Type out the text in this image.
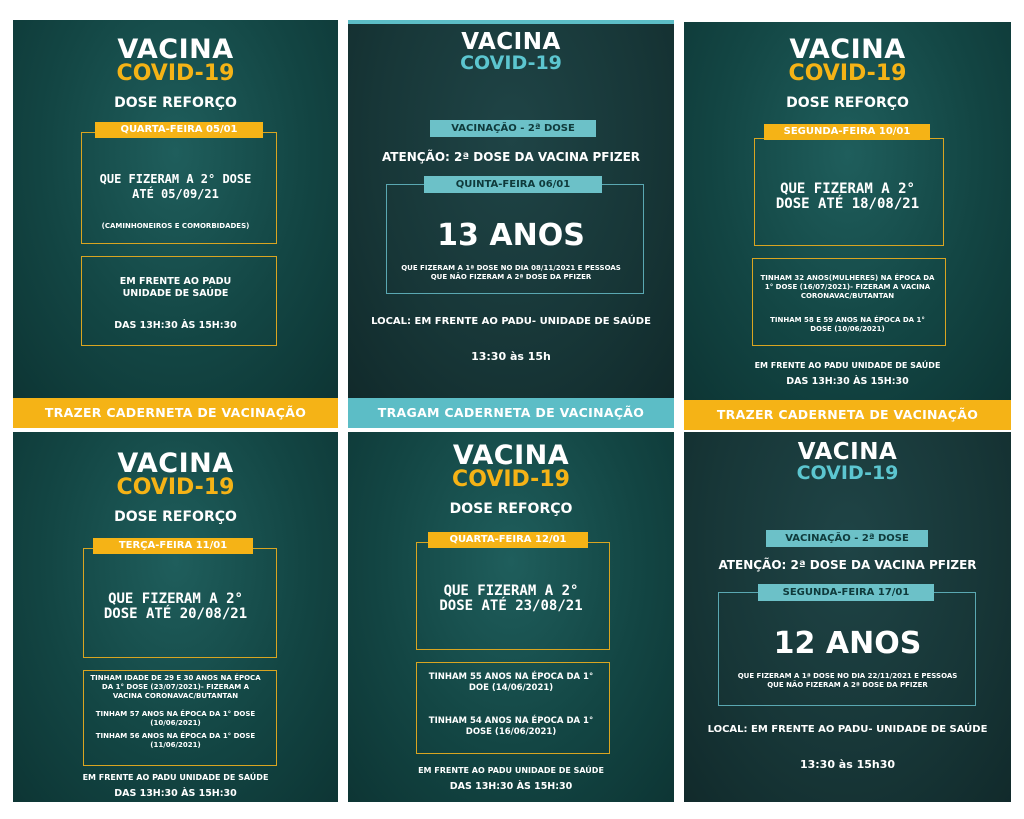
VACINA
COVID-19
DOSE REFORÇO
QUARTA-FEIRA 05/01
QUE FIZERAM A 2° DOSE ATÉ 05/09/21
(CAMINHONEIROS E COMORBIDADES)
EM FRENTE AO PADU UNIDADE DE SAÚDE
DAS 13H:30 ÀS 15H:30
TRAZER CADERNETA DE VACINAÇÃO
VACINA
COVID-19
VACINAÇÃO - 2ª DOSE
ATENÇÃO: 2ª DOSE DA VACINA PFIZER
QUINTA-FEIRA 06/01
13 ANOS
QUE FIZERAM A 1ª DOSE NO DIA 08/11/2021 E PESSOAS QUE NÃO FIZERAM A 2ª DOSE DA PFIZER
LOCAL: EM FRENTE AO PADU- UNIDADE DE SAÚDE
13:30 às 15h
TRAGAM CADERNETA DE VACINAÇÃO
VACINA
COVID-19
DOSE REFORÇO
SEGUNDA-FEIRA 10/01
QUE FIZERAM A 2° DOSE ATÉ 18/08/21
TINHAM 32 ANOS(MULHERES) NA ÉPOCA DA 1° DOSE (16/07/2021)- FIZERAM A VACINA CORONAVAC/BUTANTAN
TINHAM 58 E 59 ANOS NA ÉPOCA DA 1° DOSE (10/06/2021)
EM FRENTE AO PADU UNIDADE DE SAÚDE
DAS 13H:30 ÀS 15H:30
TRAZER CADERNETA DE VACINAÇÃO
VACINA
COVID-19
DOSE REFORÇO
TERÇA-FEIRA 11/01
QUE FIZERAM A 2° DOSE ATÉ 20/08/21
TINHAM IDADE DE 29 E 30 ANOS NA ÉPOCA DA 1° DOSE (23/07/2021)- FIZERAM A VACINA CORONAVAC/BUTANTAN
TINHAM 57 ANOS NA ÉPOCA DA 1° DOSE (10/06/2021)
TINHAM 56 ANOS NA ÉPOCA DA 1° DOSE (11/06/2021)
EM FRENTE AO PADU UNIDADE DE SAÚDE
DAS 13H:30 ÀS 15H:30
VACINA
COVID-19
DOSE REFORÇO
QUARTA-FEIRA 12/01
QUE FIZERAM A 2° DOSE ATÉ 23/08/21
TINHAM 55 ANOS NA ÉPOCA DA 1° DOE (14/06/2021)
TINHAM 54 ANOS NA ÉPOCA DA 1° DOSE (16/06/2021)
EM FRENTE AO PADU UNIDADE DE SAÚDE
DAS 13H:30 ÀS 15H:30
VACINA
COVID-19
VACINAÇÃO - 2ª DOSE
ATENÇÃO: 2ª DOSE DA VACINA PFIZER
SEGUNDA-FEIRA 17/01
12 ANOS
QUE FIZERAM A 1ª DOSE NO DIA 22/11/2021 E PESSOAS QUE NÃO FIZERAM A 2ª DOSE DA PFIZER
LOCAL: EM FRENTE AO PADU- UNIDADE DE SAÚDE
13:30 às 15h30
